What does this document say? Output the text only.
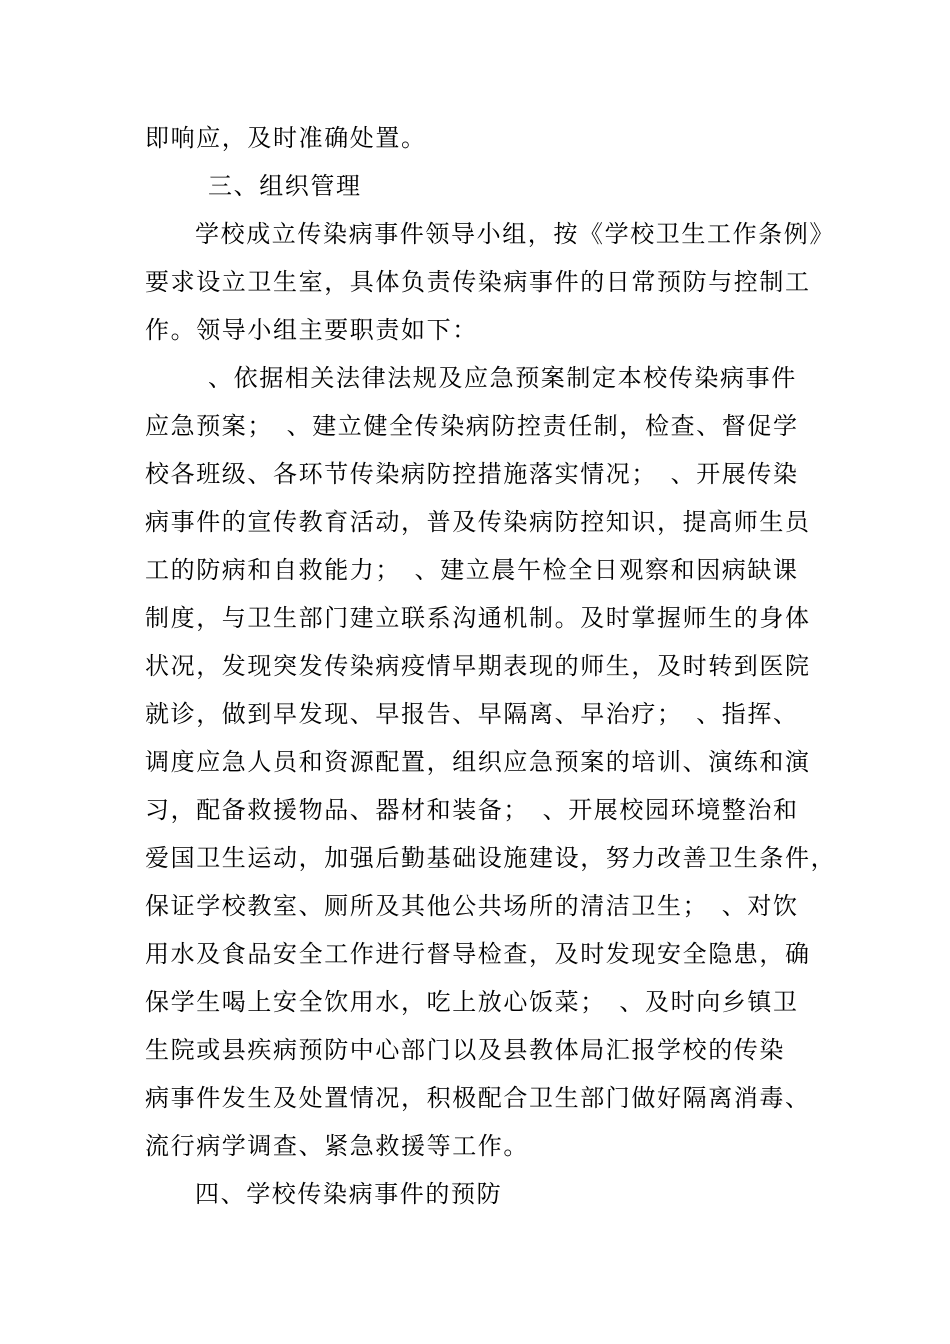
即响应，及时准确处置。
三、组织管理
学校成立传染病事件领导小组，按《学校卫生工作条例》
要求设立卫生室，具体负责传染病事件的日常预防与控制工
作。领导小组主要职责如下：
、依据相关法律法规及应急预案制定本校传染病事件
应急预案；　、建立健全传染病防控责任制，检查、督促学
校各班级、各环节传染病防控措施落实情况；　、开展传染
病事件的宣传教育活动，普及传染病防控知识，提高师生员
工的防病和自救能力；　、建立晨午检全日观察和因病缺课
制度，与卫生部门建立联系沟通机制。及时掌握师生的身体
状况，发现突发传染病疫情早期表现的师生，及时转到医院
就诊，做到早发现、早报告、早隔离、早治疗；　、指挥、
调度应急人员和资源配置，组织应急预案的培训、演练和演
习，配备救援物品、器材和装备；　、开展校园环境整治和
爱国卫生运动，加强后勤基础设施建设，努力改善卫生条件，
保证学校教室、厕所及其他公共场所的清洁卫生；　、对饮
用水及食品安全工作进行督导检查，及时发现安全隐患，确
保学生喝上安全饮用水，吃上放心饭菜；　、及时向乡镇卫
生院或县疾病预防中心部门以及县教体局汇报学校的传染
病事件发生及处置情况，积极配合卫生部门做好隔离消毒、
流行病学调查、紧急救援等工作。
四、学校传染病事件的预防
